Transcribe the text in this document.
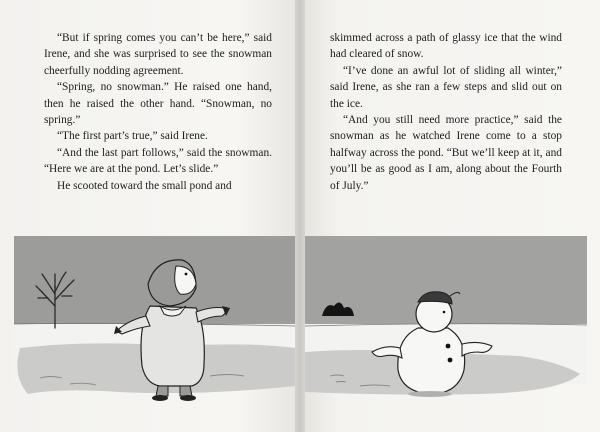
“But if spring comes you can’t be here,” said Irene, and she was surprised to see the snowman cheerfully nodding agreement.

“Spring, no snowman.” He raised one hand, then he raised the other hand. “Snowman, no spring.”

“The first part’s true,” said Irene.

“And the last part follows,” said the snowman. “Here we are at the pond. Let’s slide.”

He scooted toward the small pond and

skimmed across a path of glassy ice that the wind had cleared of snow.

“I’ve done an awful lot of sliding all winter,” said Irene, as she ran a few steps and slid out on the ice.

“And you still need more practice,” said the snowman as he watched Irene come to a stop halfway across the pond. “But we’ll keep at it, and you’ll be as good as I am, along about the Fourth of July.”
